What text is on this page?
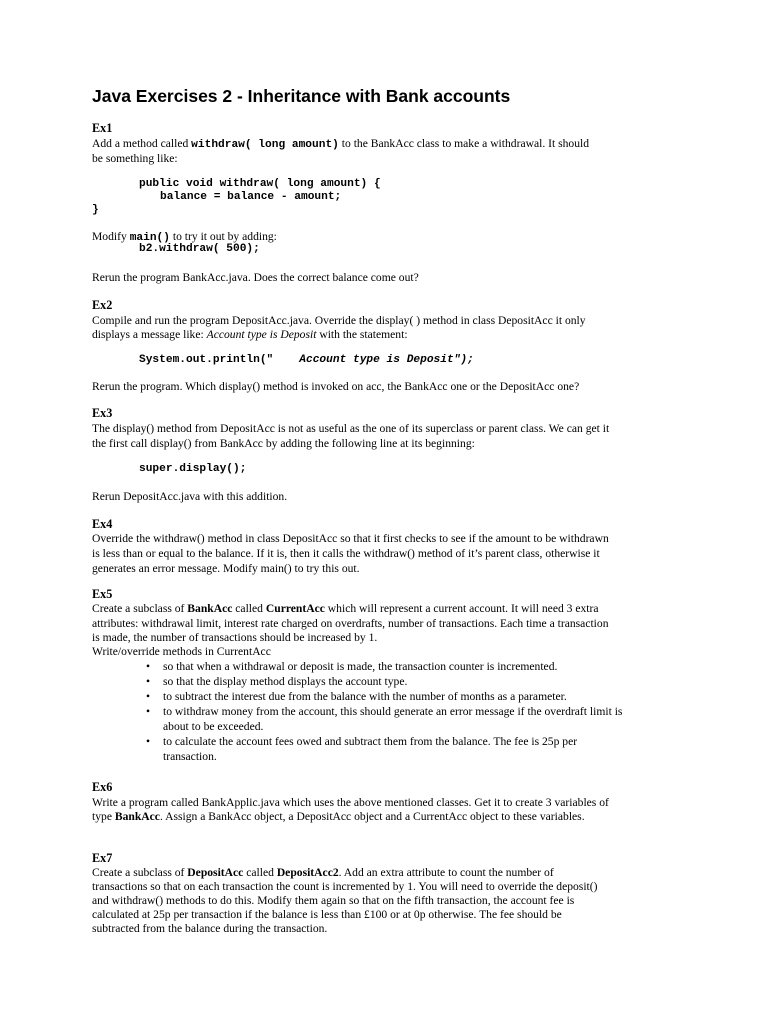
Java Exercises 2 - Inheritance with Bank accounts
Ex1
Add a method called withdraw( long amount) to the BankAcc class to make a withdrawal. It should
be something like:
public void withdraw( long amount) {
balance = balance - amount;
}
Modify main() to try it out by adding:
b2.withdraw( 500);
Rerun the program BankAcc.java. Does the correct balance come out?
Ex2
Compile and run the program DepositAcc.java. Override the display( ) method in class DepositAcc it only
displays a message like: Account type is Deposit with the statement:
System.out.println(" Account type is Deposit");
Rerun the program. Which display() method is invoked on acc, the BankAcc one or the DepositAcc one?
Ex3
The display() method from DepositAcc is not as useful as the one of its superclass or parent class. We can get it
the first call display() from BankAcc by adding the following line at its beginning:
super.display();
Rerun DepositAcc.java with this addition.
Ex4
Override the withdraw() method in class DepositAcc so that it first checks to see if the amount to be withdrawn
is less than or equal to the balance. If it is, then it calls the withdraw() method of it’s parent class, otherwise it
generates an error message. Modify main() to try this out.
Ex5
Create a subclass of BankAcc called CurrentAcc which will represent a current account. It will need 3 extra
attributes: withdrawal limit, interest rate charged on overdrafts, number of transactions. Each time a transaction
is made, the number of transactions should be increased by 1.
Write/override methods in CurrentAcc
• so that when a withdrawal or deposit is made, the transaction counter is incremented.
• so that the display method displays the account type.
• to subtract the interest due from the balance with the number of months as a parameter.
• to withdraw money from the account, this should generate an error message if the overdraft limit is
about to be exceeded.
• to calculate the account fees owed and subtract them from the balance. The fee is 25p per
transaction.
Ex6
Write a program called BankApplic.java which uses the above mentioned classes. Get it to create 3 variables of
type BankAcc. Assign a BankAcc object, a DepositAcc object and a CurrentAcc object to these variables.
Ex7
Create a subclass of DepositAcc called DepositAcc2. Add an extra attribute to count the number of
transactions so that on each transaction the count is incremented by 1. You will need to override the deposit()
and withdraw() methods to do this. Modify them again so that on the fifth transaction, the account fee is
calculated at 25p per transaction if the balance is less than £100 or at 0p otherwise. The fee should be
subtracted from the balance during the transaction.
